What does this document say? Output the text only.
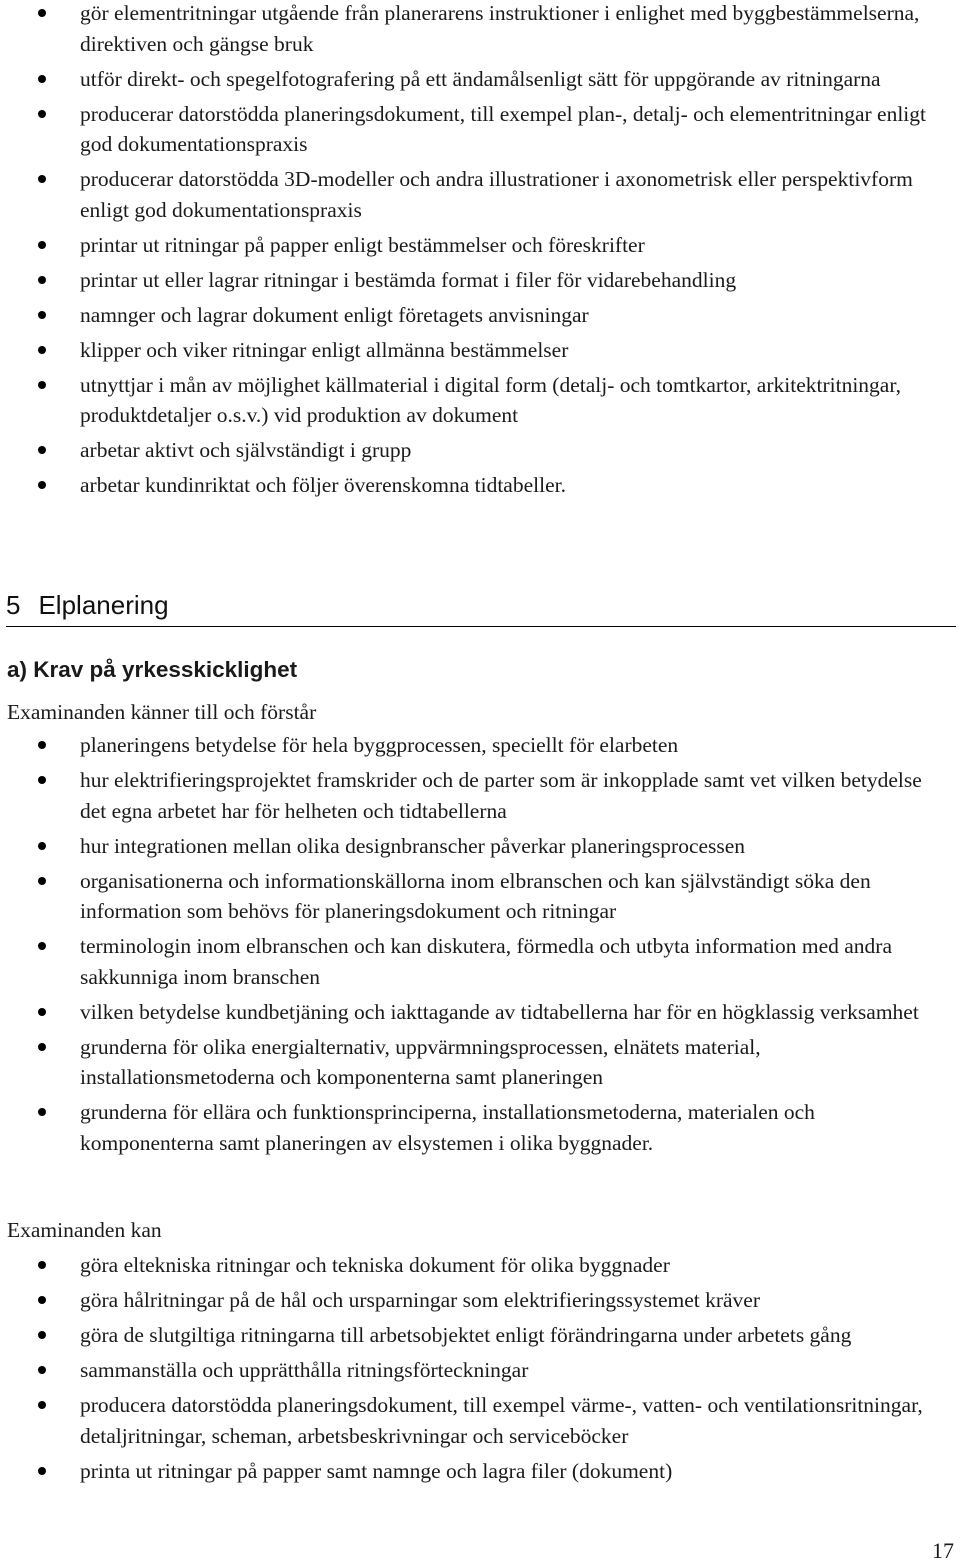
gör elementritningar utgående från planerarens instruktioner i enlighet med byggbestämmelserna, direktiven och gängse bruk
utför direkt- och spegelfotografering på ett ändamålsenligt sätt för uppgörande av ritningarna
producerar datorstödda planeringsdokument, till exempel plan-, detalj- och elementritningar enligt god dokumentationspraxis
producerar datorstödda 3D-modeller och andra illustrationer i axonometrisk eller perspektivform enligt god dokumentationspraxis
printar ut ritningar på papper enligt bestämmelser och föreskrifter
printar ut eller lagrar ritningar i bestämda format i filer för vidarebehandling
namnger och lagrar dokument enligt företagets anvisningar
klipper och viker ritningar enligt allmänna bestämmelser
utnyttjar i mån av möjlighet källmaterial i digital form (detalj- och tomtkartor, arkitektritningar, produktdetaljer o.s.v.) vid produktion av dokument
arbetar aktivt och självständigt i grupp
arbetar kundinriktat och följer överenskomna tidtabeller.
5 Elplanering
a) Krav på yrkesskicklighet
Examinanden känner till och förstår
planeringens betydelse för hela byggprocessen, speciellt för elarbeten
hur elektrifieringsprojektet framskrider och de parter som är inkopplade samt vet vilken betydelse det egna arbetet har för helheten och tidtabellerna
hur integrationen mellan olika designbranscher påverkar planeringsprocessen
organisationerna och informationskällorna inom elbranschen och kan självständigt söka den information som behövs för planeringsdokument och ritningar
terminologin inom elbranschen och kan diskutera, förmedla och utbyta information med andra sakkunniga inom branschen
vilken betydelse kundbetjäning och iakttagande av tidtabellerna har för en högklassig verksamhet
grunderna för olika energialternativ, uppvärmningsprocessen, elnätets material, installationsmetoderna och komponenterna samt planeringen
grunderna för ellära och funktionsprinciperna, installationsmetoderna, materialen och komponenterna samt planeringen av elsystemen i olika byggnader.
Examinanden kan
göra eltekniska ritningar och tekniska dokument för olika byggnader
göra hålritningar på de hål och ursparningar som elektrifieringssystemet kräver
göra de slutgiltiga ritningarna till arbetsobjektet enligt förändringarna under arbetets gång
sammanställa och upprätthålla ritningsförteckningar
producera datorstödda planeringsdokument, till exempel värme-, vatten- och ventilationsritningar, detaljritningar, scheman, arbetsbeskrivningar och serviceböcker
printa ut ritningar på papper samt namnge och lagra filer (dokument)
17
